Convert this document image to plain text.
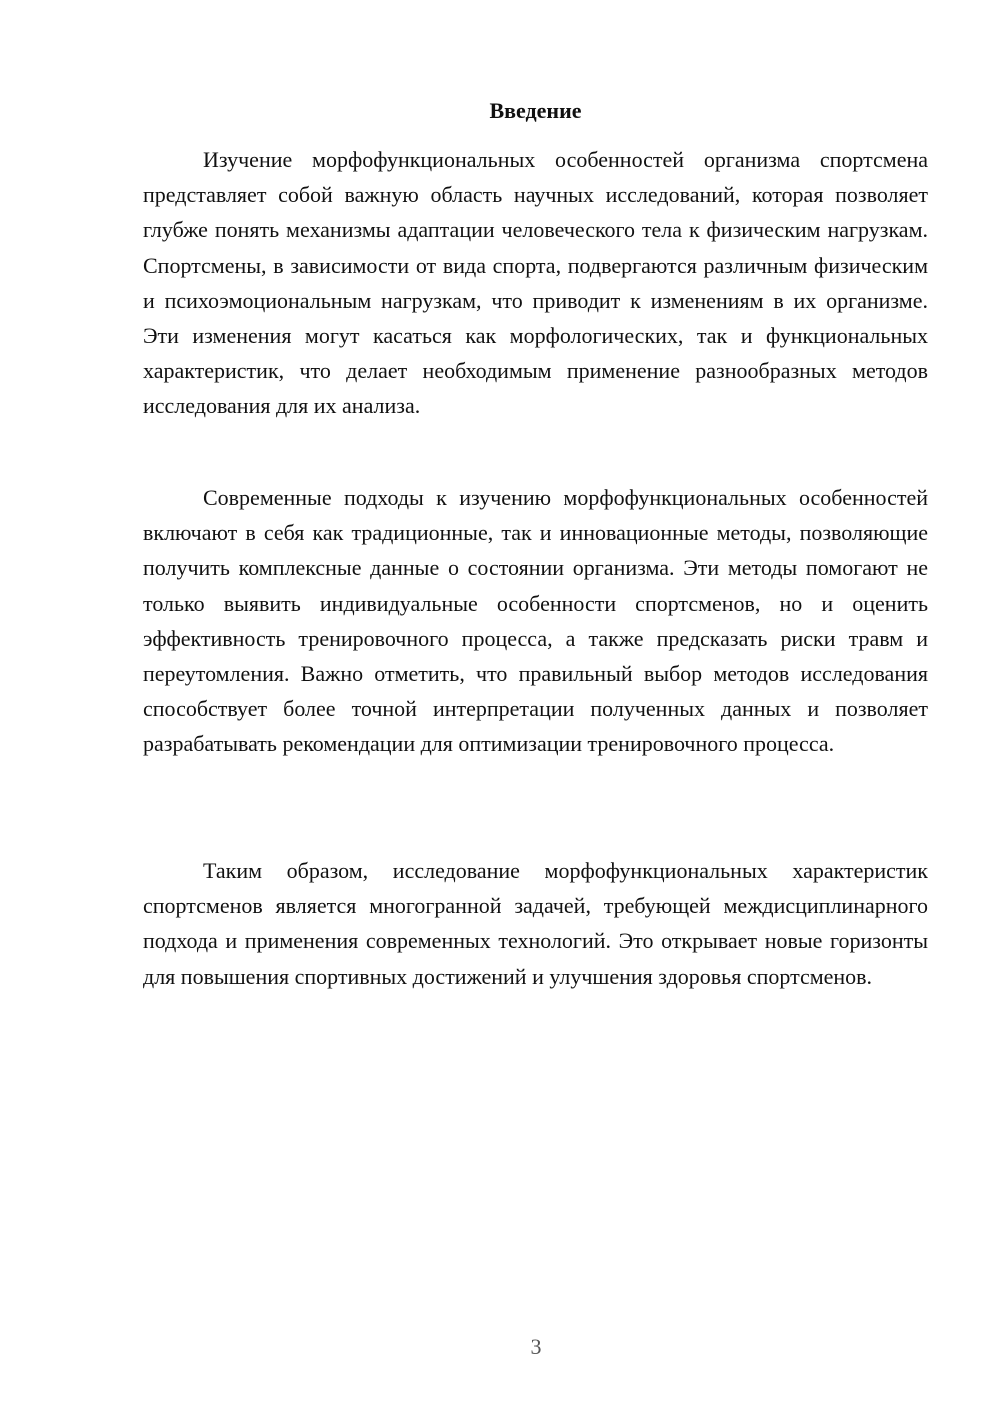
Введение

Изучение морфофункциональных особенностей организма спортсмена представляет собой важную область научных исследований, которая позволяет глубже понять механизмы адаптации человеческого тела к физическим нагрузкам. Спортсмены, в зависимости от вида спорта, подвергаются различным физическим и психоэмоциональным нагрузкам, что приводит к изменениям в их организме. Эти изменения могут касаться как морфологических, так и функциональных характеристик, что делает необходимым применение разнообразных методов исследования для их анализа.

Современные подходы к изучению морфофункциональных особенностей включают в себя как традиционные, так и инновационные методы, позволяющие получить комплексные данные о состоянии организма. Эти методы помогают не только выявить индивидуальные особенности спортсменов, но и оценить эффективность тренировочного процесса, а также предсказать риски травм и переутомления. Важно отметить, что правильный выбор методов исследования способствует более точной интерпретации полученных данных и позволяет разрабатывать рекомендации для оптимизации тренировочного процесса.

Таким образом, исследование морфофункциональных характеристик спортсменов является многогранной задачей, требующей междисциплинарного подхода и применения современных технологий. Это открывает новые горизонты для повышения спортивных достижений и улучшения здоровья спортсменов.

3
